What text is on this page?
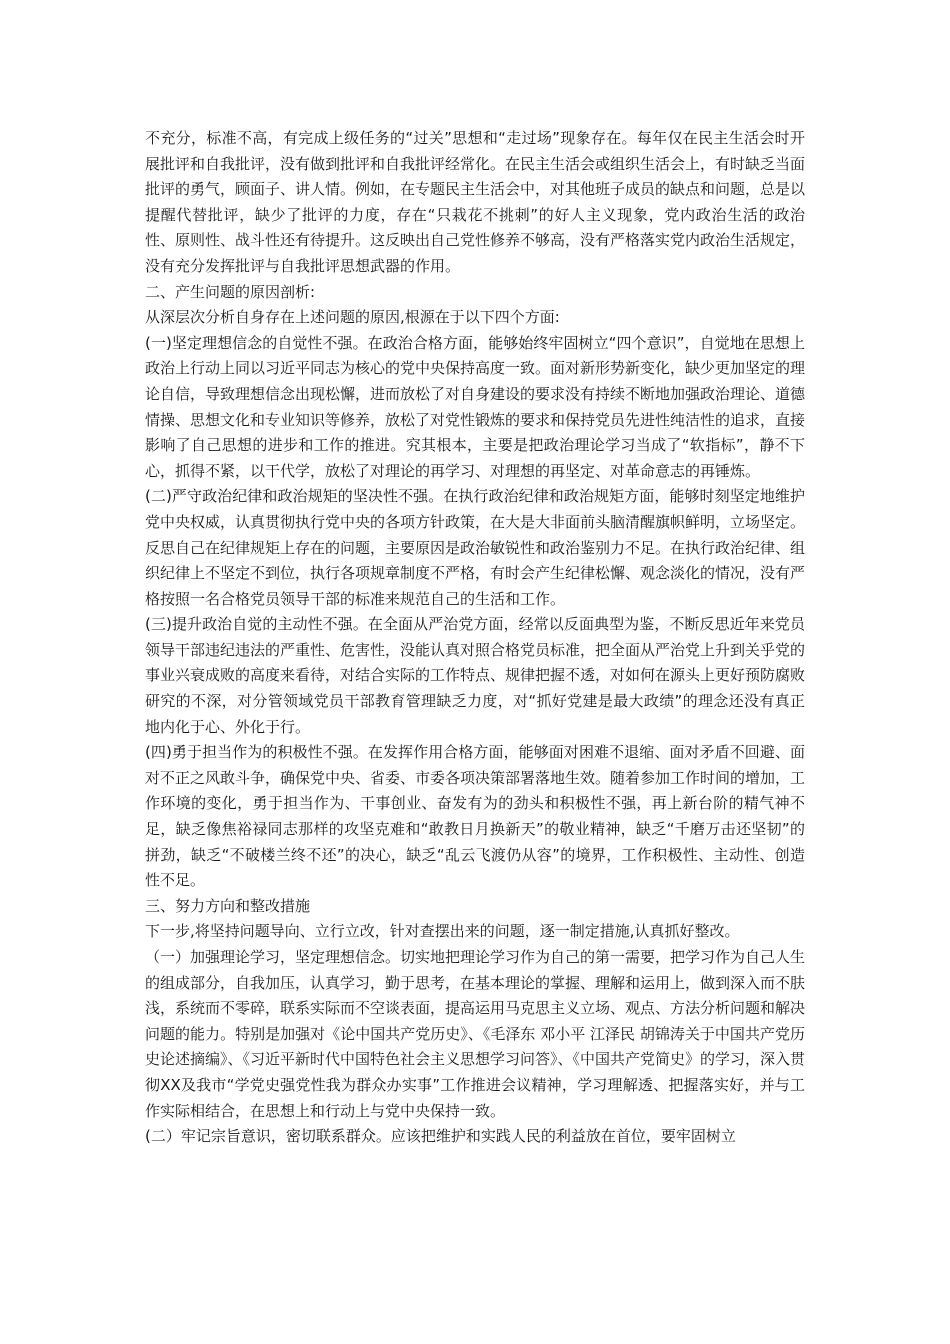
不充分，标准不高，有完成上级任务的“过关”思想和“走过场”现象存在。每年仅在民主生活会时开展批评和自我批评，没有做到批评和自我批评经常化。在民主生活会或组织生活会上，有时缺乏当面批评的勇气，顾面子、讲人情。例如，在专题民主生活会中，对其他班子成员的缺点和问题，总是以提醒代替批评，缺少了批评的力度，存在“只栽花不挑刺”的好人主义现象，党内政治生活的政治性、原则性、战斗性还有待提升。这反映出自己党性修养不够高，没有严格落实党内政治生活规定，没有充分发挥批评与自我批评思想武器的作用。

二、产生问题的原因剖析:

从深层次分析自身存在上述问题的原因,根源在于以下四个方面:

(一)坚定理想信念的自觉性不强。在政治合格方面，能够始终牢固树立“四个意识”，自觉地在思想上政治上行动上同以习近平同志为核心的党中央保持高度一致。面对新形势新变化，缺少更加坚定的理论自信，导致理想信念出现松懈，进而放松了对自身建设的要求没有持续不断地加强政治理论、道德情操、思想文化和专业知识等修养，放松了对党性锻炼的要求和保持党员先进性纯洁性的追求，直接影响了自己思想的进步和工作的推进。究其根本，主要是把政治理论学习当成了“软指标”，静不下心，抓得不紧，以干代学，放松了对理论的再学习、对理想的再坚定、对革命意志的再锤炼。

(二)严守政治纪律和政治规矩的坚决性不强。在执行政治纪律和政治规矩方面，能够时刻坚定地维护党中央权威，认真贯彻执行党中央的各项方针政策，在大是大非面前头脑清醒旗帜鲜明，立场坚定。反思自己在纪律规矩上存在的问题，主要原因是政治敏锐性和政治鉴别力不足。在执行政治纪律、组织纪律上不坚定不到位，执行各项规章制度不严格，有时会产生纪律松懈、观念淡化的情况，没有严格按照一名合格党员领导干部的标准来规范自己的生活和工作。

(三)提升政治自觉的主动性不强。在全面从严治党方面，经常以反面典型为鉴，不断反思近年来党员领导干部违纪违法的严重性、危害性，没能认真对照合格党员标准，把全面从严治党上升到关乎党的事业兴衰成败的高度来看待，对结合实际的工作特点、规律把握不透，对如何在源头上更好预防腐败研究的不深，对分管领域党员干部教育管理缺乏力度，对“抓好党建是最大政绩”的理念还没有真正地内化于心、外化于行。

(四)勇于担当作为的积极性不强。在发挥作用合格方面，能够面对困难不退缩、面对矛盾不回避、面对不正之风敢斗争，确保党中央、省委、市委各项决策部署落地生效。随着参加工作时间的增加，工作环境的变化，勇于担当作为、干事创业、奋发有为的劲头和积极性不强，再上新台阶的精气神不足，缺乏像焦裕禄同志那样的攻坚克难和“敢教日月换新天”的敬业精神，缺乏“千磨万击还坚韧”的拼劲，缺乏“不破楼兰终不还”的决心，缺乏“乱云飞渡仍从容”的境界，工作积极性、主动性、创造性不足。

三、努力方向和整改措施

下一步,将坚持问题导向、立行立改，针对查摆出来的问题，逐一制定措施,认真抓好整改。

（一）加强理论学习，坚定理想信念。切实地把理论学习作为自己的第一需要，把学习作为自己人生的组成部分，自我加压，认真学习，勤于思考，在基本理论的掌握、理解和运用上，做到深入而不肤浅，系统而不零碎，联系实际而不空谈表面，提高运用马克思主义立场、观点、方法分析问题和解决问题的能力。特别是加强对《论中国共产党历史》、《毛泽东 邓小平 江泽民 胡锦涛关于中国共产党历史论述摘编》、《习近平新时代中国特色社会主义思想学习问答》、《中国共产党简史》的学习，深入贯彻XX及我市“学党史强党性我为群众办实事”工作推进会议精神，学习理解透、把握落实好，并与工作实际相结合，在思想上和行动上与党中央保持一致。

(二）牢记宗旨意识，密切联系群众。应该把维护和实践人民的利益放在首位，要牢固树立
